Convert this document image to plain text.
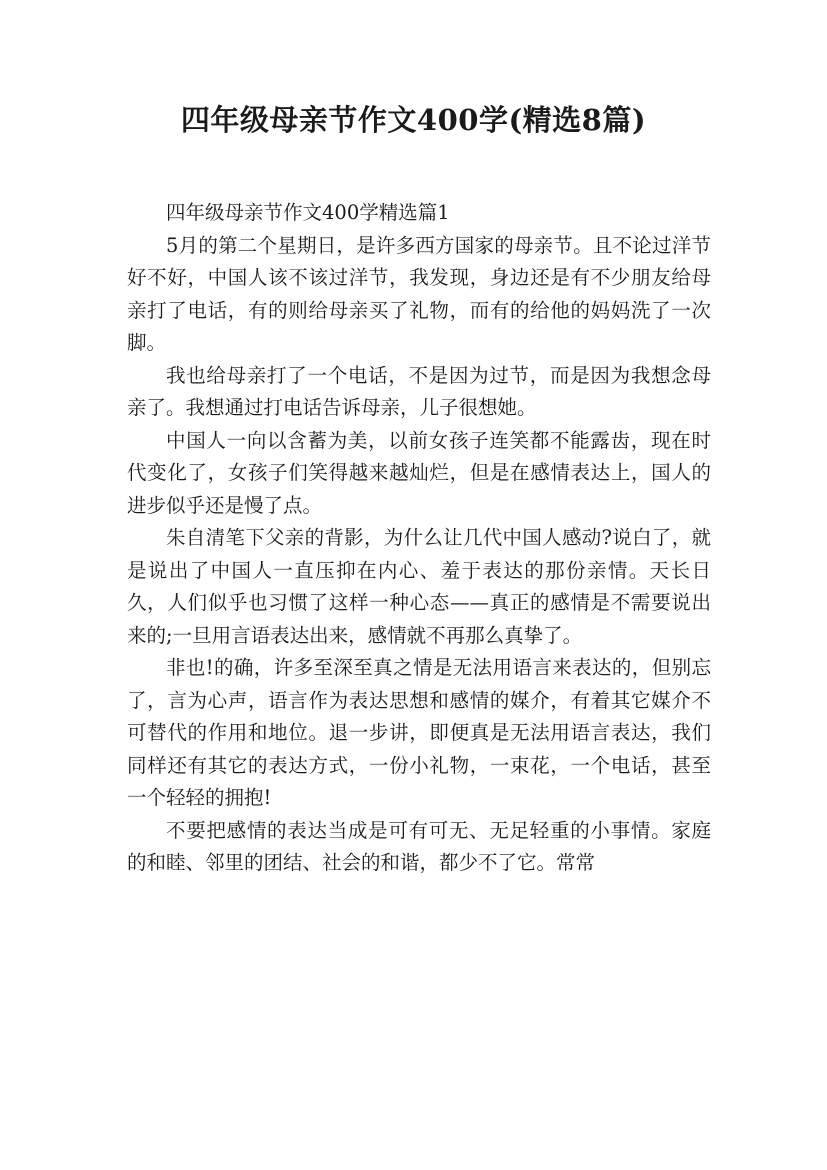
四年级母亲节作文400学(精选8篇)

四年级母亲节作文400学精选篇1

5月的第二个星期日，是许多西方国家的母亲节。且不论过洋节好不好，中国人该不该过洋节，我发现，身边还是有不少朋友给母亲打了电话，有的则给母亲买了礼物，而有的给他的妈妈洗了一次脚。

我也给母亲打了一个电话，不是因为过节，而是因为我想念母亲了。我想通过打电话告诉母亲，儿子很想她。

中国人一向以含蓄为美，以前女孩子连笑都不能露齿，现在时代变化了，女孩子们笑得越来越灿烂，但是在感情表达上，国人的进步似乎还是慢了点。

朱自清笔下父亲的背影，为什么让几代中国人感动?说白了，就是说出了中国人一直压抑在内心、羞于表达的那份亲情。天长日久，人们似乎也习惯了这样一种心态——真正的感情是不需要说出来的;一旦用言语表达出来，感情就不再那么真挚了。

非也!的确，许多至深至真之情是无法用语言来表达的，但别忘了，言为心声，语言作为表达思想和感情的媒介，有着其它媒介不可替代的作用和地位。退一步讲，即便真是无法用语言表达，我们同样还有其它的表达方式，一份小礼物，一束花，一个电话，甚至一个轻轻的拥抱!

不要把感情的表达当成是可有可无、无足轻重的小事情。家庭的和睦、邻里的团结、社会的和谐，都少不了它。常常
